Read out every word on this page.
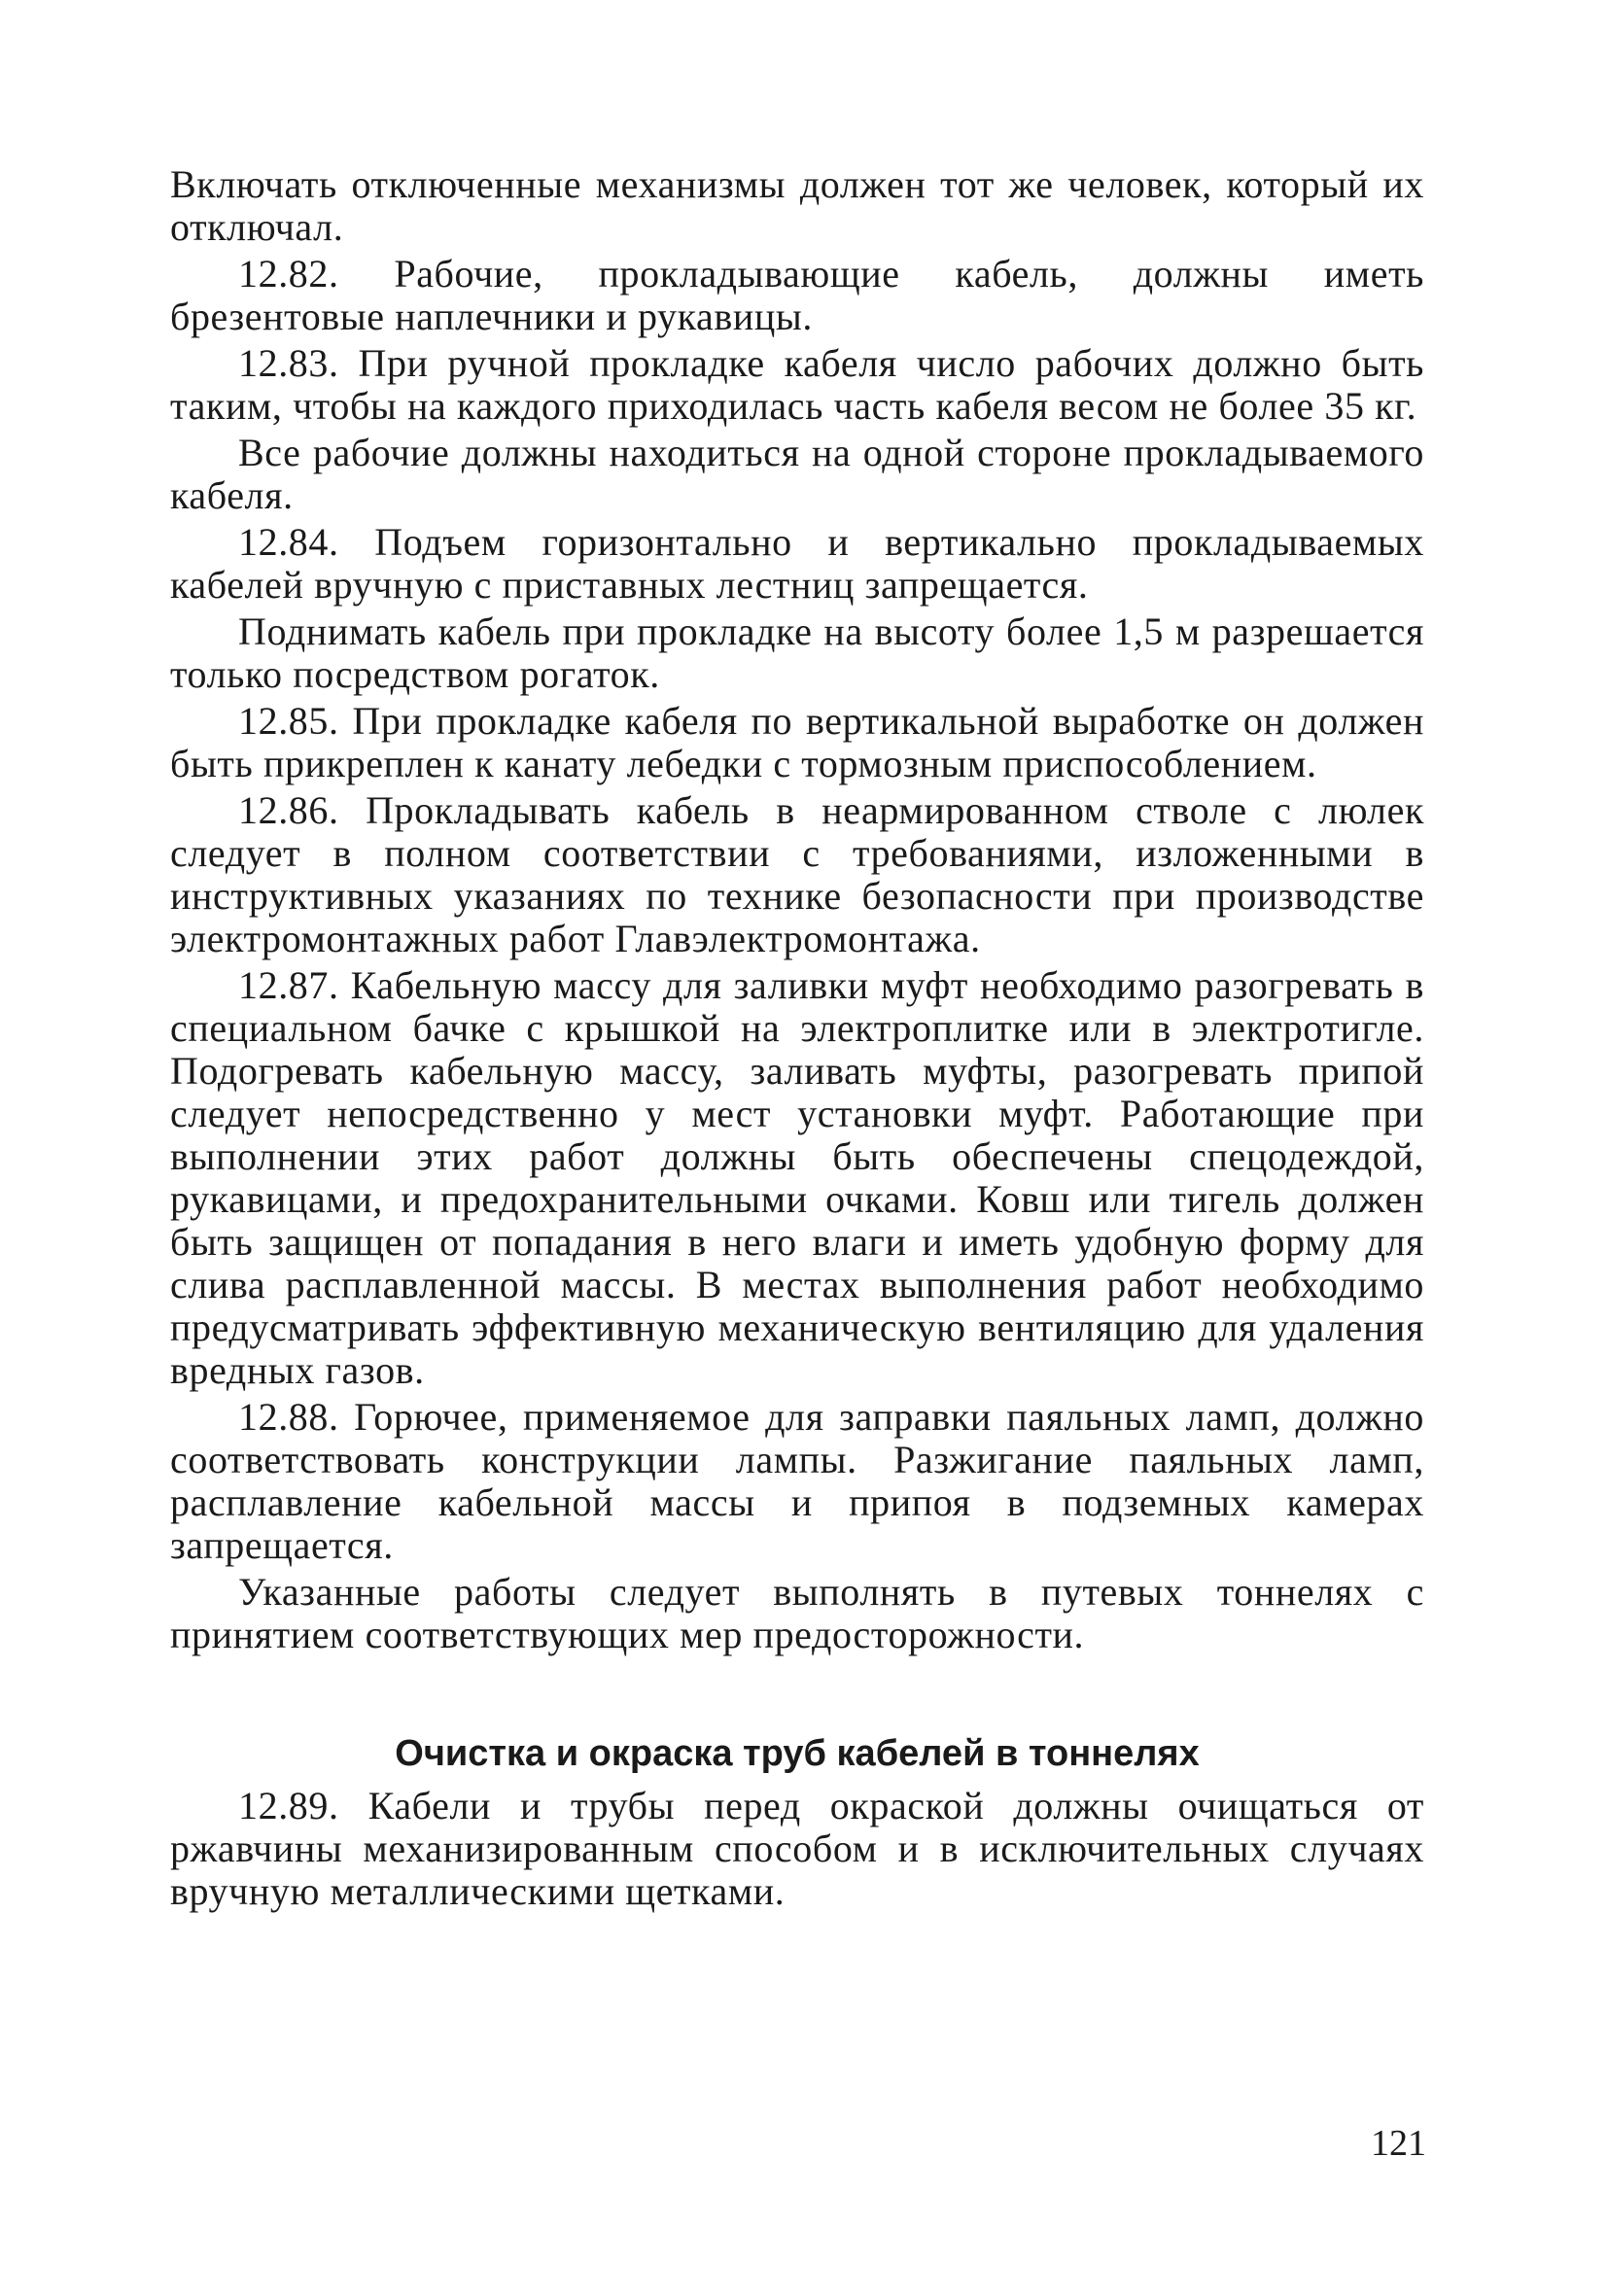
Включать отключенные механизмы должен тот же человек, который их отключал.

12.82. Рабочие, прокладывающие кабель, должны иметь брезентовые наплечники и рукавицы.

12.83. При ручной прокладке кабеля число рабочих должно быть таким, чтобы на каждого приходилась часть кабеля весом не более 35 кг.

Все рабочие должны находиться на одной стороне прокладываемого кабеля.

12.84. Подъем горизонтально и вертикально прокладываемых кабелей вручную с приставных лестниц запрещается.

Поднимать кабель при прокладке на высоту более 1,5 м разрешается только посредством рогаток.

12.85. При прокладке кабеля по вертикальной выработке он должен быть прикреплен к канату лебедки с тормозным приспособлением.

12.86. Прокладывать кабель в неармированном стволе с люлек следует в полном соответствии с требованиями, изложенными в инструктивных указаниях по технике безопасности при производстве электромонтажных работ Главэлектромонтажа.

12.87. Кабельную массу для заливки муфт необходимо разогревать в специальном бачке с крышкой на электроплитке или в электротигле. Подогревать кабельную массу, заливать муфты, разогревать припой следует непосредственно у мест установки муфт. Работающие при выполнении этих работ должны быть обеспечены спецодеждой, рукавицами, и предохранительными очками. Ковш или тигель должен быть защищен от попадания в него влаги и иметь удобную форму для слива расплавленной массы. В местах выполнения работ необходимо предусматривать эффективную механическую вентиляцию для удаления вредных газов.

12.88. Горючее, применяемое для заправки паяльных ламп, должно соответствовать конструкции лампы. Разжигание паяльных ламп, расплавление кабельной массы и припоя в подземных камерах запрещается.

Указанные работы следует выполнять в путевых тоннелях с принятием соответствующих мер предосторожности.

Очистка и окраска труб кабелей в тоннелях

12.89. Кабели и трубы перед окраской должны очищаться от ржавчины механизированным способом и в исключительных случаях вручную металлическими щетками.

121
